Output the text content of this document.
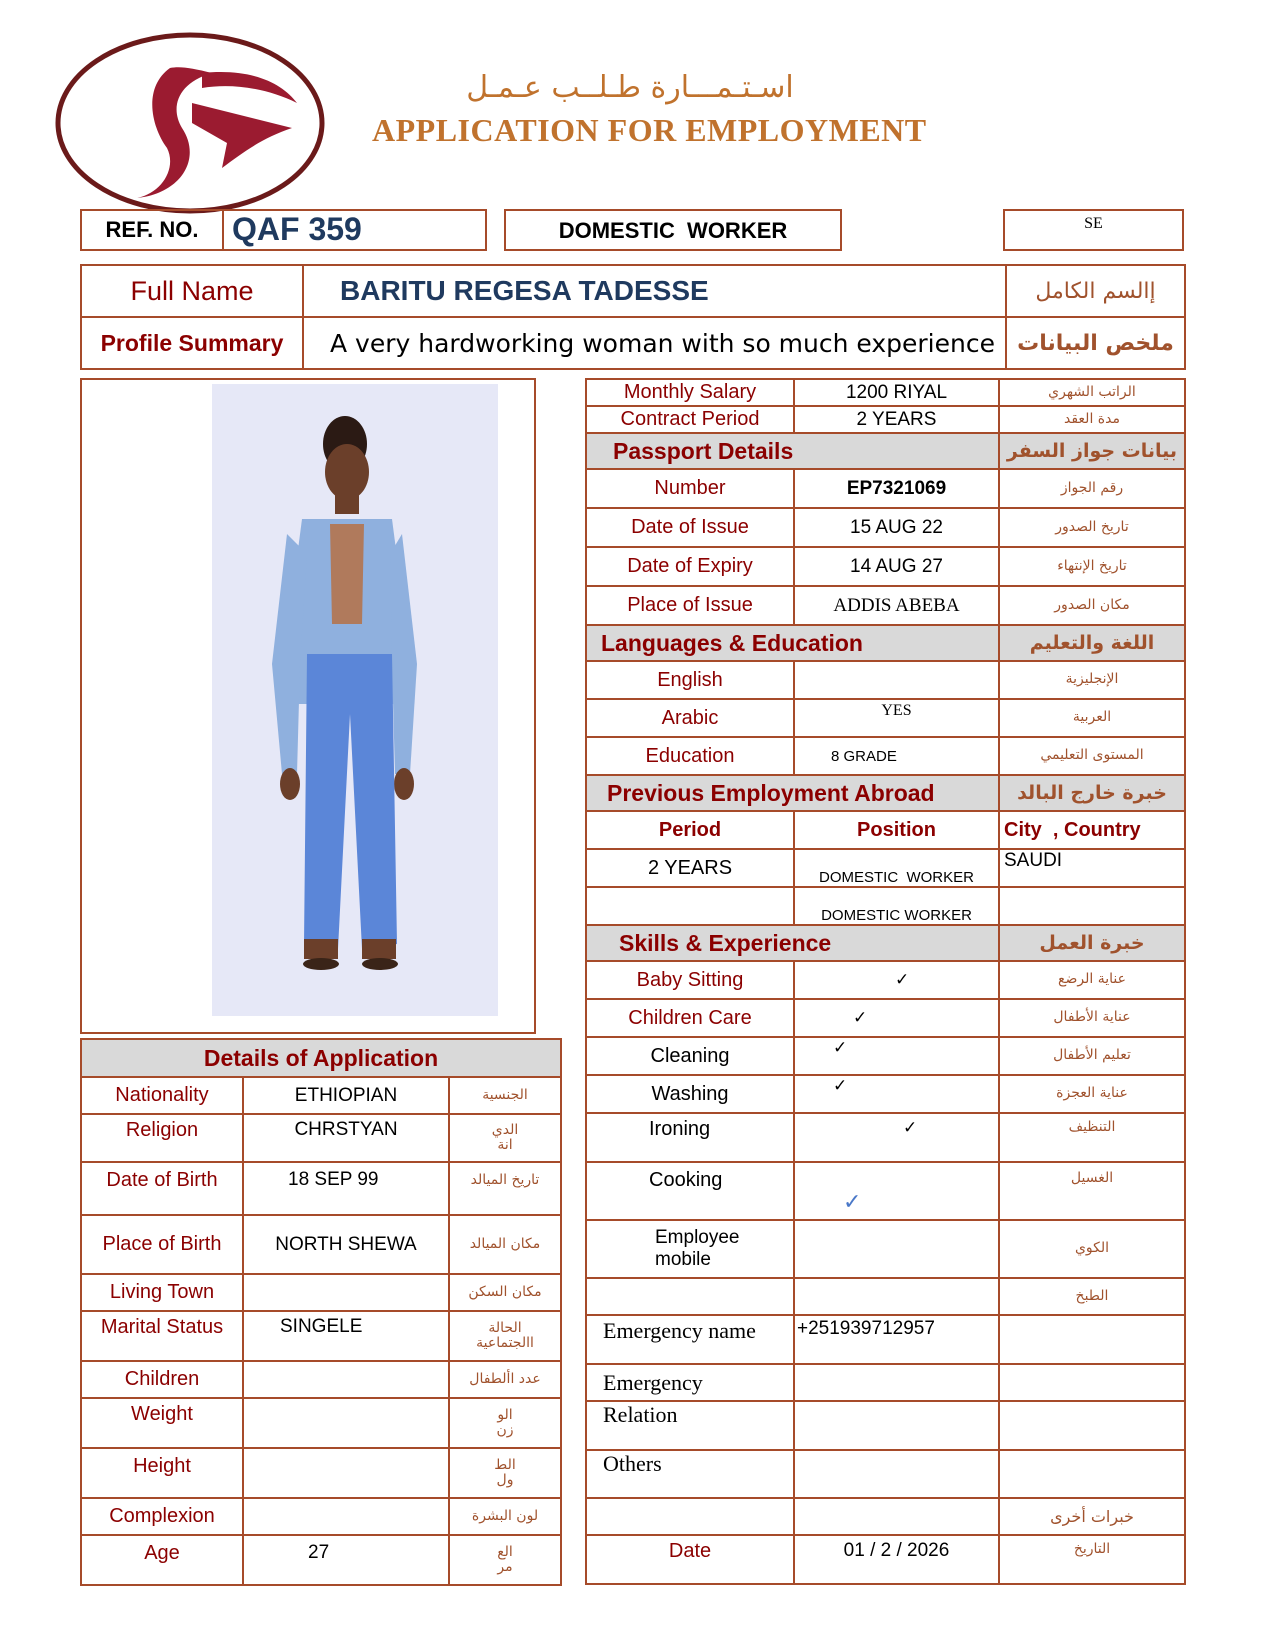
اسـتـمـــارة طـلــب عـمـل
APPLICATION FOR EMPLOYMENT
REF. NO.	QAF 359	DOMESTIC  WORKER	SE
Full Name	BARITU REGESA TADESSE	إالسم الكامل
Profile Summary	A very hardworking woman with so much experience	ملخص البيانات
Monthly Salary	1200 RIYAL	الراتب الشهري
Contract Period	2 YEARS	مدة العقد
Passport Details		بيانات جواز السفر
Number	EP7321069	رقم الجواز
Date of Issue	15 AUG 22	تاريخ الصدور
Date of Expiry	14 AUG 27	تاريخ الإنتهاء
Place of Issue	ADDIS ABEBA	مكان الصدور
Languages & Education		اللغة والتعليم
English		الإنجليزية
Arabic	YES	العربية
Education	8 GRADE	المستوى التعليمي
Previous Employment Abroad		خبرة خارج البالد
Period	Position	City  , Country
2 YEARS	DOMESTIC  WORKER	SAUDI
	DOMESTIC WORKER	
Skills & Experience		خبرة العمل
Baby Sitting	✓	عناية الرضع
Children Care	✓	عناية الأطفال
Cleaning	✓	تعليم الأطفال
Washing	✓	عناية العجزة
Ironing	✓	التنظيف
Cooking	✓	الغسيل
Employee mobile		الكوي
		الطبخ
Emergency name	+251939712957	
Emergency		
Relation		
Others		
		خبرات أخرى
Date	01 / 2 / 2026	التاريخ
Details of Application		
Nationality	ETHIOPIAN	الجنسية
Religion	CHRSTYAN	الدي انة
Date of Birth	18 SEP 99	تاريخ الميالد
Place of Birth	NORTH SHEWA	مكان الميالد
Living Town		مكان السكن
Marital Status	SINGELE	الحالة االجتماعية
Children		عدد األطفال
Weight		الو زن
Height		الط ول
Complexion		لون البشرة
Age	27	الع مر
